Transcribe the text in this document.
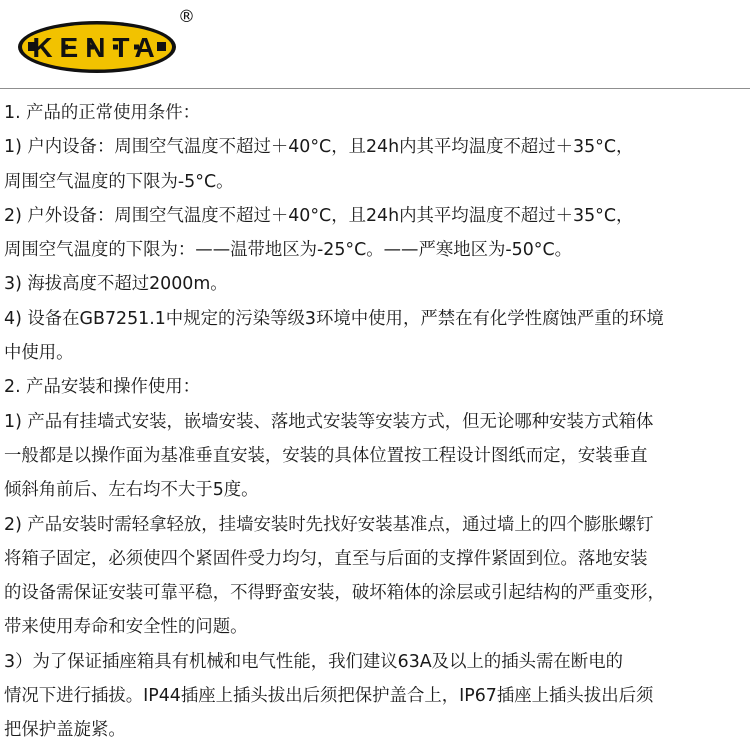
KENTA
®
1. 产品的正常使用条件：
1) 户内设备：周围空气温度不超过＋40°C，且24h内其平均温度不超过＋35°C，
周围空气温度的下限为-5°C。
2) 户外设备：周围空气温度不超过＋40°C，且24h内其平均温度不超过＋35°C，
周围空气温度的下限为：——温带地区为-25°C。——严寒地区为-50°C。
3) 海拔高度不超过2000m。
4) 设备在GB7251.1中规定的污染等级3环境中使用，严禁在有化学性腐蚀严重的环境
中使用。
2. 产品安装和操作使用：
1) 产品有挂墙式安装，嵌墙安装、落地式安装等安装方式，但无论哪种安装方式箱体
一般都是以操作面为基准垂直安装，安装的具体位置按工程设计图纸而定，安装垂直
倾斜角前后、左右均不大于5度。
2) 产品安装时需轻拿轻放，挂墙安装时先找好安装基准点，通过墙上的四个膨胀螺钉
将箱子固定，必须使四个紧固件受力均匀，直至与后面的支撑件紧固到位。落地安装
的设备需保证安装可靠平稳，不得野蛮安装，破坏箱体的涂层或引起结构的严重变形，
带来使用寿命和安全性的问题。
3）为了保证插座箱具有机械和电气性能，我们建议63A及以上的插头需在断电的
情况下进行插拔。IP44插座上插头拔出后须把保护盖合上，IP67插座上插头拔出后须
把保护盖旋紧。
